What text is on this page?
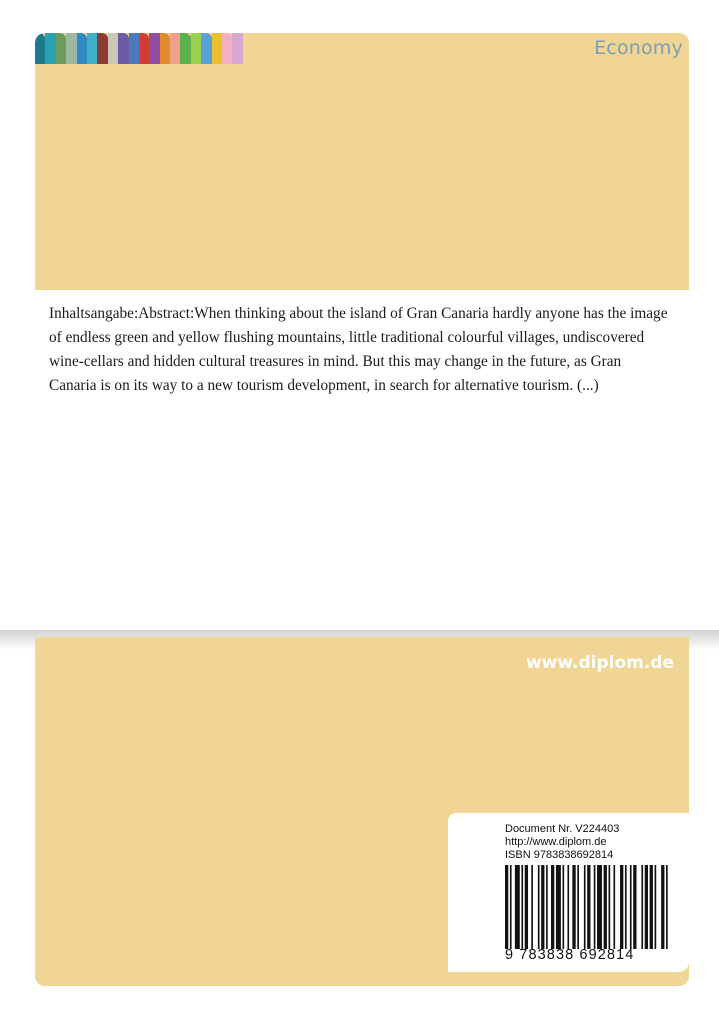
Economy

Inhaltsangabe:Abstract:When thinking about the island of Gran Canaria hardly anyone has the image of endless green and yellow flushing mountains, little traditional colourful villages, undiscovered wine-cellars and hidden cultural treasures in mind. But this may change in the future, as Gran Canaria is on its way to a new tourism development, in search for alternative tourism. (...)

www.diplom.de
Document Nr. V224403
http://www.diplom.de
ISBN 9783838692814
9 783838 692814
